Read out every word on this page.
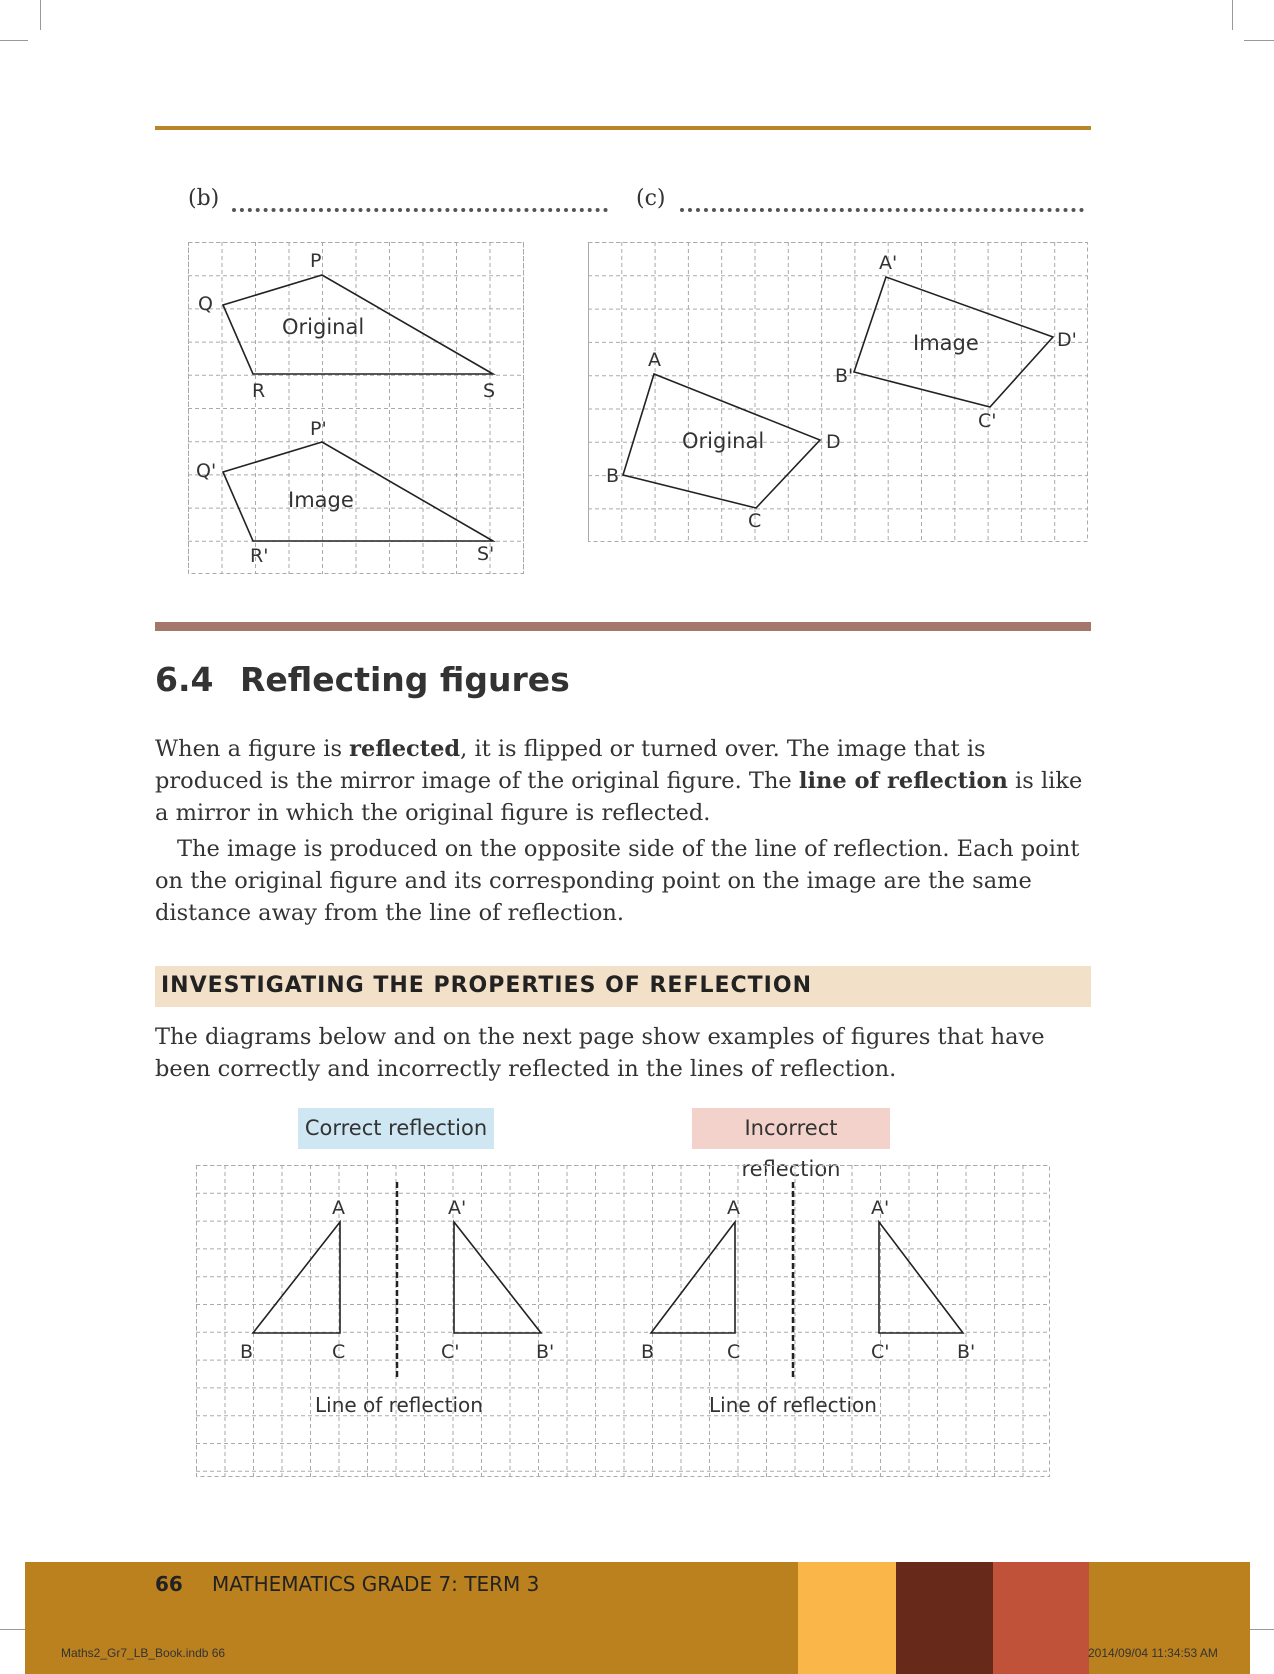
(b)	(c)
P
Q
R	S
Original
P'
Q'
R'	S'
Image
A
B
C
D
Original
A'
B'
C'
D'
Image
6.4 Reflecting figures
When a figure is reflected, it is flipped or turned over. The image that is produced is the mirror image of the original figure. The line of reflection is like a mirror in which the original figure is reflected.
The image is produced on the opposite side of the line of reflection. Each point on the original figure and its corresponding point on the image are the same distance away from the line of reflection.
INVESTIGATING THE PROPERTIES OF REFLECTION
The diagrams below and on the next page show examples of figures that have been correctly and incorrectly reflected in the lines of reflection.
Correct reflection	Incorrect reflection
A
B	C
A'
B'
C'
Line of reflection
A
B	C
A'
B'
C'
Line of reflection
66 MATHEMATICS GRADE 7: TERM 3
Maths2_Gr7_LB_Book.indb 66	2014/09/04 11:34:53 AM
